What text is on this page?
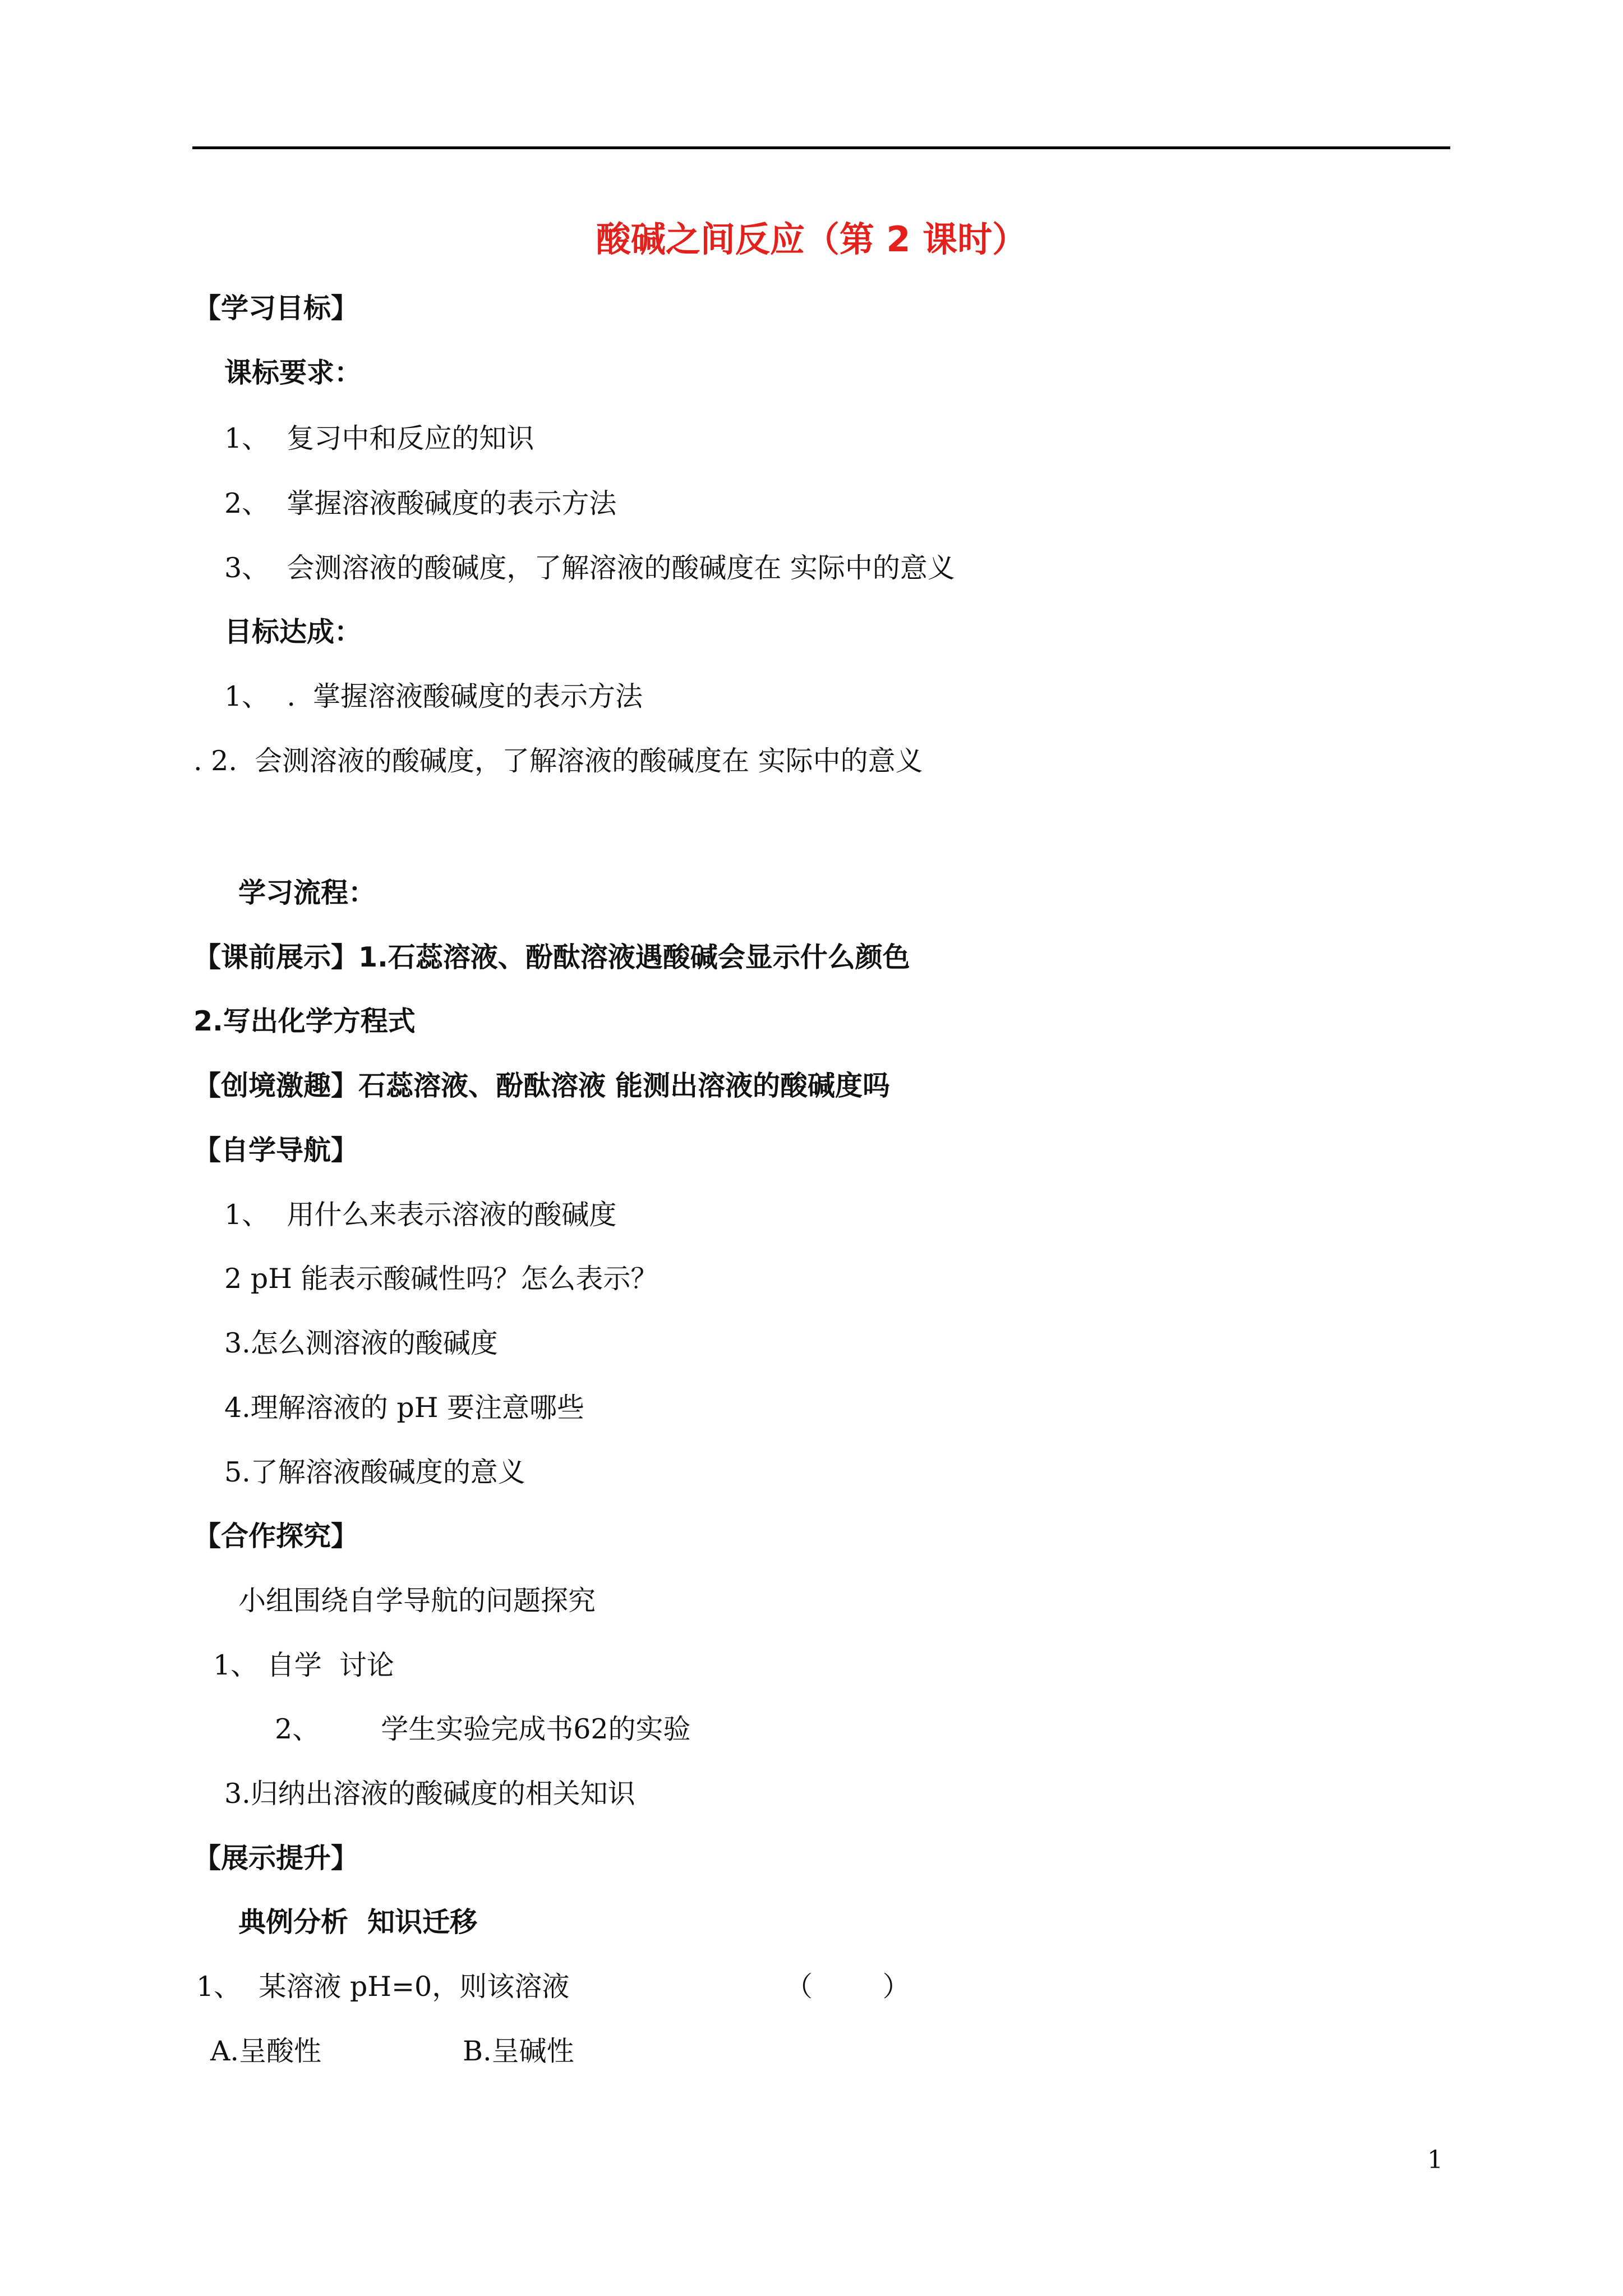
酸碱之间反应（第 2 课时）
【学习目标】
课标要求：
1、  复习中和反应的知识
2、  掌握溶液酸碱度的表示方法
3、  会测溶液的酸碱度，了解溶液的酸碱度在 实际中的意义
目标达成：
1、  .  掌握溶液酸碱度的表示方法
. 2.  会测溶液的酸碱度，了解溶液的酸碱度在 实际中的意义
学习流程：
【课前展示】1.石蕊溶液、酚酞溶液遇酸碱会显示什么颜色
2.写出化学方程式
【创境激趣】石蕊溶液、酚酞溶液 能测出溶液的酸碱度吗
【自学导航】
1、  用什么来表示溶液的酸碱度
2 pH 能表示酸碱性吗？怎么表示？
3.怎么测溶液的酸碱度
4.理解溶液的 pH 要注意哪些
5.了解溶液酸碱度的意义
【合作探究】
小组围绕自学导航的问题探究
1、 自学  讨论
2、       学生实验完成书62的实验
3.归纳出溶液的酸碱度的相关知识
【展示提升】
典例分析  知识迁移
1、  某溶液 pH=0，则该溶液	（        ）
A.呈酸性	B.呈碱性
1
